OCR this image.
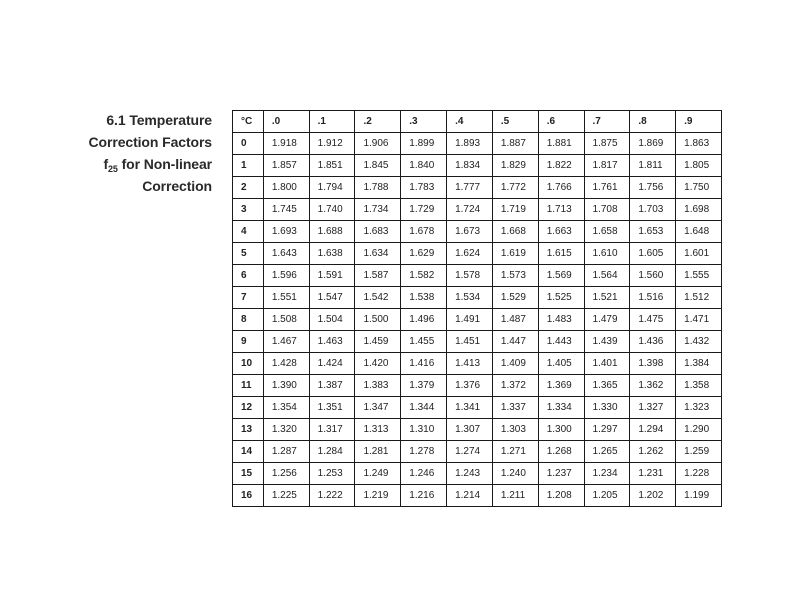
6.1 Temperature
Correction Factors
$f_{25}$ for Non-linear
Correction
°C	.0	.1	.2	.3	.4	.5	.6	.7	.8	.9
0	1.918	1.912	1.906	1.899	1.893	1.887	1.881	1.875	1.869	1.863
1	1.857	1.851	1.845	1.840	1.834	1.829	1.822	1.817	1.811	1.805
2	1.800	1.794	1.788	1.783	1.777	1.772	1.766	1.761	1.756	1.750
3	1.745	1.740	1.734	1.729	1.724	1.719	1.713	1.708	1.703	1.698
4	1.693	1.688	1.683	1.678	1.673	1.668	1.663	1.658	1.653	1.648
5	1.643	1.638	1.634	1.629	1.624	1.619	1.615	1.610	1.605	1.601
6	1.596	1.591	1.587	1.582	1.578	1.573	1.569	1.564	1.560	1.555
7	1.551	1.547	1.542	1.538	1.534	1.529	1.525	1.521	1.516	1.512
8	1.508	1.504	1.500	1.496	1.491	1.487	1.483	1.479	1.475	1.471
9	1.467	1.463	1.459	1.455	1.451	1.447	1.443	1.439	1.436	1.432
10	1.428	1.424	1.420	1.416	1.413	1.409	1.405	1.401	1.398	1.384
11	1.390	1.387	1.383	1.379	1.376	1.372	1.369	1.365	1.362	1.358
12	1.354	1.351	1.347	1.344	1.341	1.337	1.334	1.330	1.327	1.323
13	1.320	1.317	1.313	1.310	1.307	1.303	1.300	1.297	1.294	1.290
14	1.287	1.284	1.281	1.278	1.274	1.271	1.268	1.265	1.262	1.259
15	1.256	1.253	1.249	1.246	1.243	1.240	1.237	1.234	1.231	1.228
16	1.225	1.222	1.219	1.216	1.214	1.211	1.208	1.205	1.202	1.199
